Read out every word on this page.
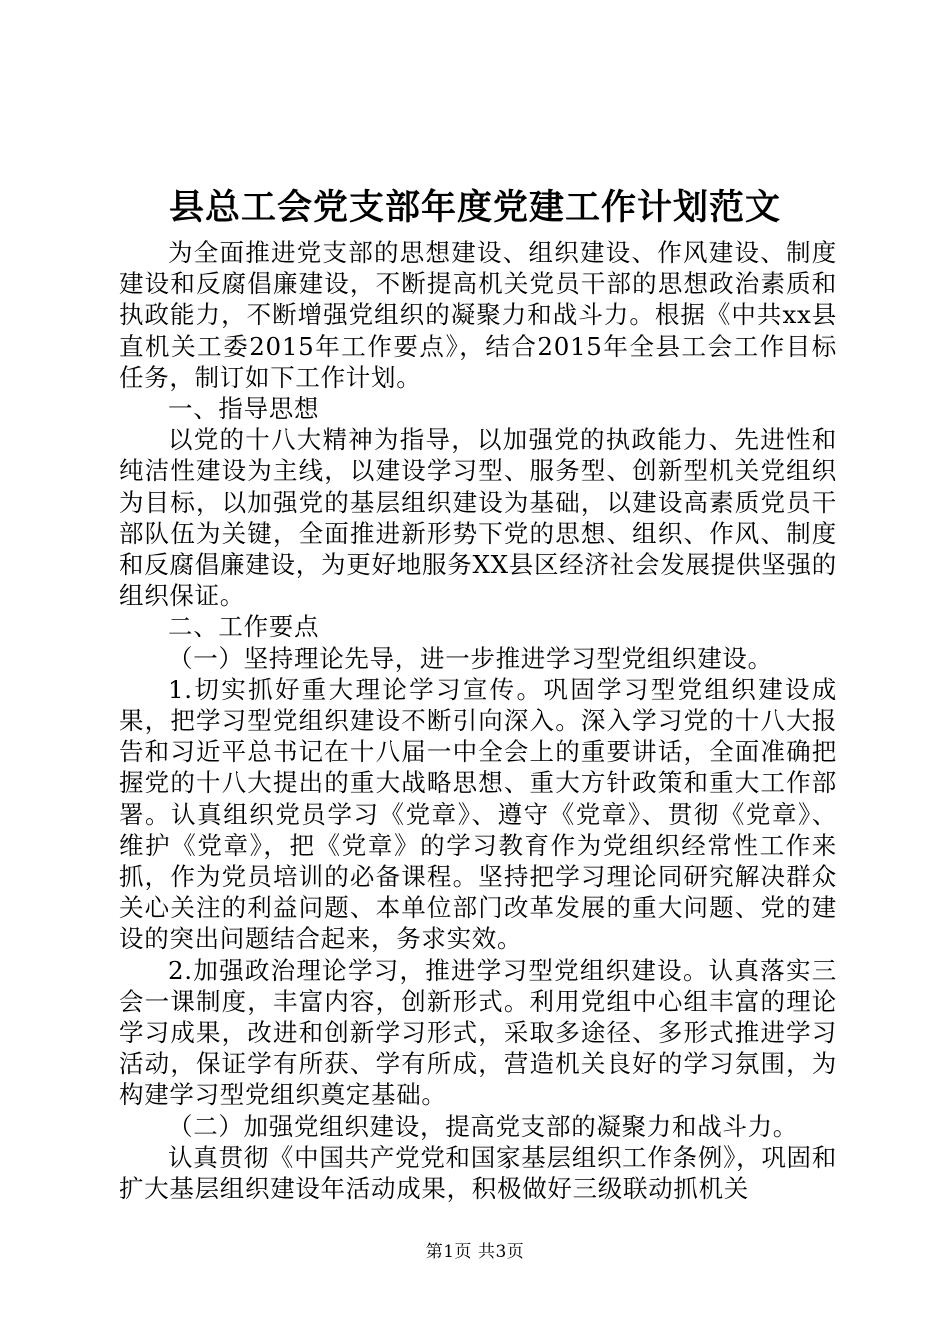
县总工会党支部年度党建工作计划范文

为全面推进党支部的思想建设、组织建设、作风建设、制度建设和反腐倡廉建设，不断提高机关党员干部的思想政治素质和执政能力，不断增强党组织的凝聚力和战斗力。根据《中共xx县直机关工委2015年工作要点》，结合2015年全县工会工作目标任务，制订如下工作计划。

一、指导思想

以党的十八大精神为指导，以加强党的执政能力、先进性和纯洁性建设为主线，以建设学习型、服务型、创新型机关党组织为目标，以加强党的基层组织建设为基础，以建设高素质党员干部队伍为关键，全面推进新形势下党的思想、组织、作风、制度和反腐倡廉建设，为更好地服务XX县区经济社会发展提供坚强的组织保证。

二、工作要点

（一）坚持理论先导，进一步推进学习型党组织建设。

1.切实抓好重大理论学习宣传。巩固学习型党组织建设成果，把学习型党组织建设不断引向深入。深入学习党的十八大报告和习近平总书记在十八届一中全会上的重要讲话，全面准确把握党的十八大提出的重大战略思想、重大方针政策和重大工作部署。认真组织党员学习《党章》、遵守《党章》、贯彻《党章》、维护《党章》，把《党章》的学习教育作为党组织经常性工作来抓，作为党员培训的必备课程。坚持把学习理论同研究解决群众关心关注的利益问题、本单位部门改革发展的重大问题、党的建设的突出问题结合起来，务求实效。

2.加强政治理论学习，推进学习型党组织建设。认真落实三会一课制度，丰富内容，创新形式。利用党组中心组丰富的理论学习成果，改进和创新学习形式，采取多途径、多形式推进学习活动，保证学有所获、学有所成，营造机关良好的学习氛围，为构建学习型党组织奠定基础。

（二）加强党组织建设，提高党支部的凝聚力和战斗力。

认真贯彻《中国共产党党和国家基层组织工作条例》，巩固和扩大基层组织建设年活动成果，积极做好三级联动抓机关

第1页 共3页
